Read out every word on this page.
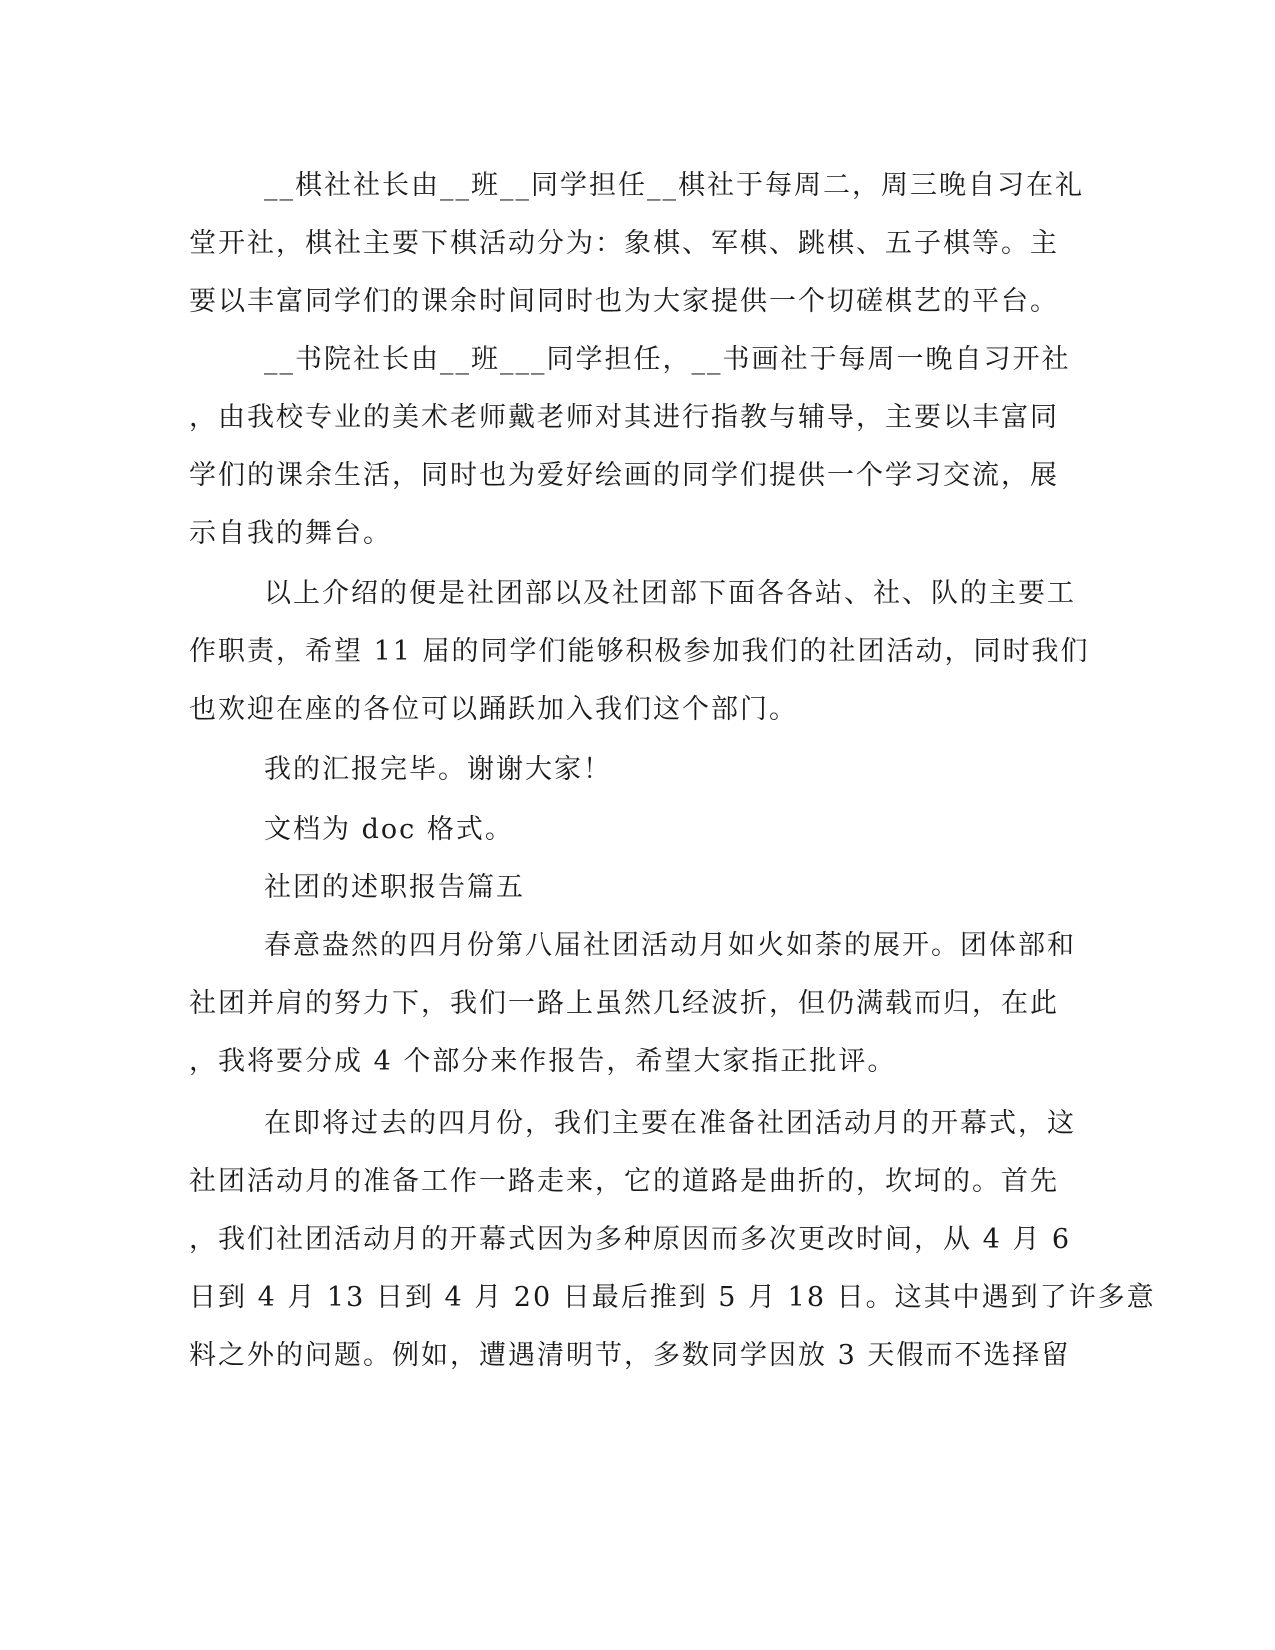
__棋社社长由__班__同学担任__棋社于每周二，周三晚自习在礼
堂开社，棋社主要下棋活动分为：象棋、军棋、跳棋、五子棋等。主
要以丰富同学们的课余时间同时也为大家提供一个切磋棋艺的平台。
__书院社长由__班___同学担任，__书画社于每周一晚自习开社
，由我校专业的美术老师戴老师对其进行指教与辅导，主要以丰富同
学们的课余生活，同时也为爱好绘画的同学们提供一个学习交流，展
示自我的舞台。
以上介绍的便是社团部以及社团部下面各各站、社、队的主要工
作职责，希望 11 届的同学们能够积极参加我们的社团活动，同时我们
也欢迎在座的各位可以踊跃加入我们这个部门。
我的汇报完毕。谢谢大家！
文档为 doc 格式。
社团的述职报告篇五
春意盎然的四月份第八届社团活动月如火如荼的展开。团体部和
社团并肩的努力下，我们一路上虽然几经波折，但仍满载而归，在此
，我将要分成 4 个部分来作报告，希望大家指正批评。
在即将过去的四月份，我们主要在准备社团活动月的开幕式，这
社团活动月的准备工作一路走来，它的道路是曲折的，坎坷的。首先
，我们社团活动月的开幕式因为多种原因而多次更改时间，从 4 月 6
日到 4 月 13 日到 4 月 20 日最后推到 5 月 18 日。这其中遇到了许多意
料之外的问题。例如，遭遇清明节，多数同学因放 3 天假而不选择留
